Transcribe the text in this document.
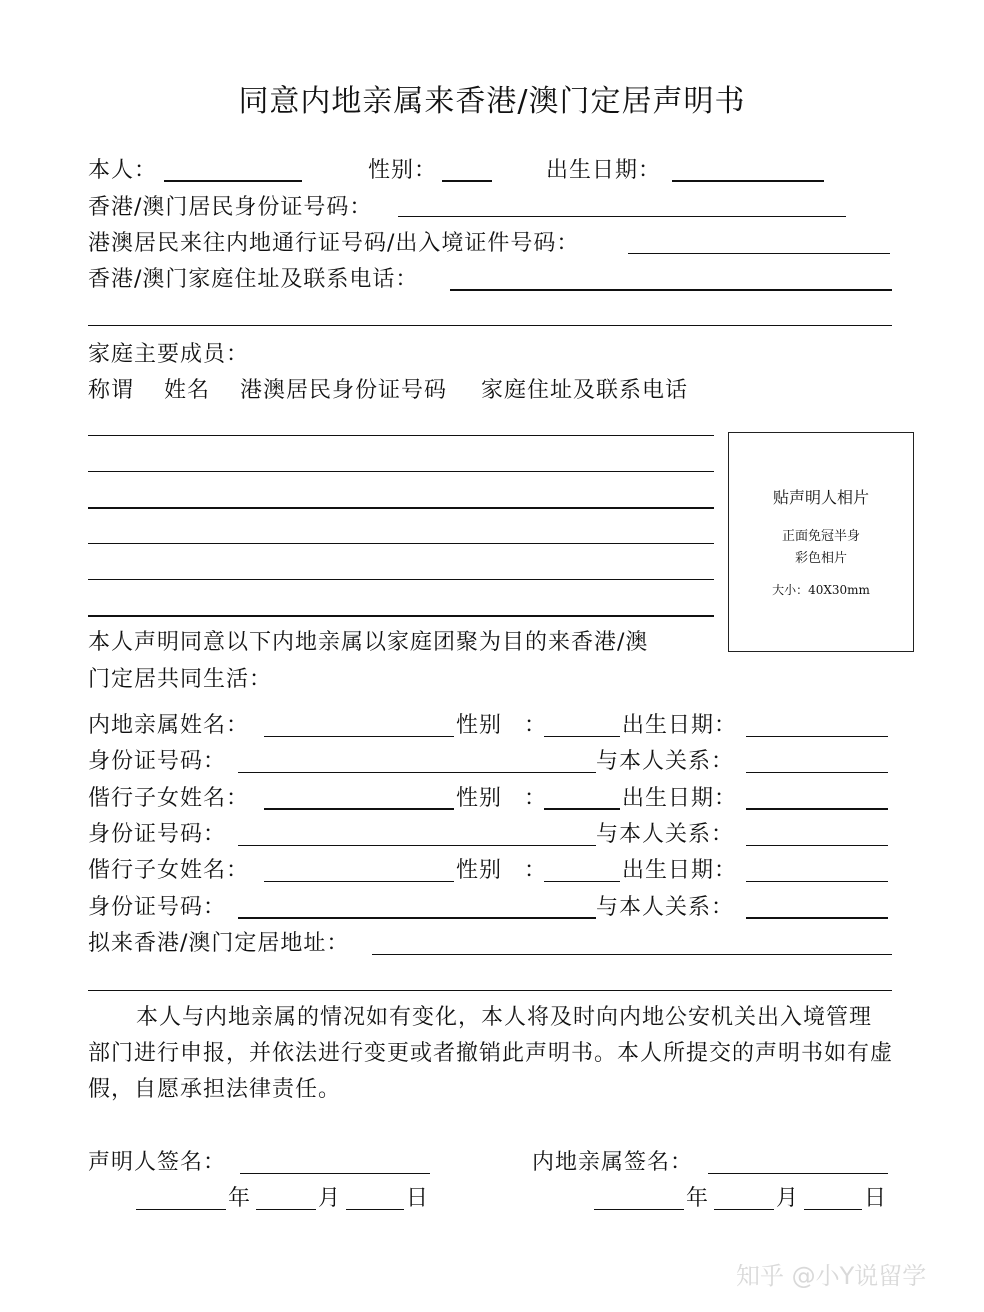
同意内地亲属来香港/澳门定居声明书
本人：	性别：	出生日期：
香港/澳门居民身份证号码：
港澳居民来往内地通行证号码/出入境证件号码：
香港/澳门家庭住址及联系电话：
家庭主要成员：
称谓 姓名 港澳居民身份证号码 家庭住址及联系电话
贴声明人相片
正面免冠半身
彩色相片
大小：40X30mm
本人声明同意以下内地亲属以家庭团聚为目的来香港/澳
门定居共同生活：
内地亲属姓名：	性别 ：	出生日期：
身份证号码：	与本人关系：
偕行子女姓名：	性别 ：	出生日期：
身份证号码：	与本人关系：
偕行子女姓名：	性别 ：	出生日期：
身份证号码：	与本人关系：
拟来香港/澳门定居地址：
本人与内地亲属的情况如有变化，本人将及时向内地公安机关出入境管理部门进行申报，并依法进行变更或者撤销此声明书。本人所提交的声明书如有虚假，自愿承担法律责任。
声明人签名：	内地亲属签名：
年	月	日	年	月	日
知乎 @小Y说留学
